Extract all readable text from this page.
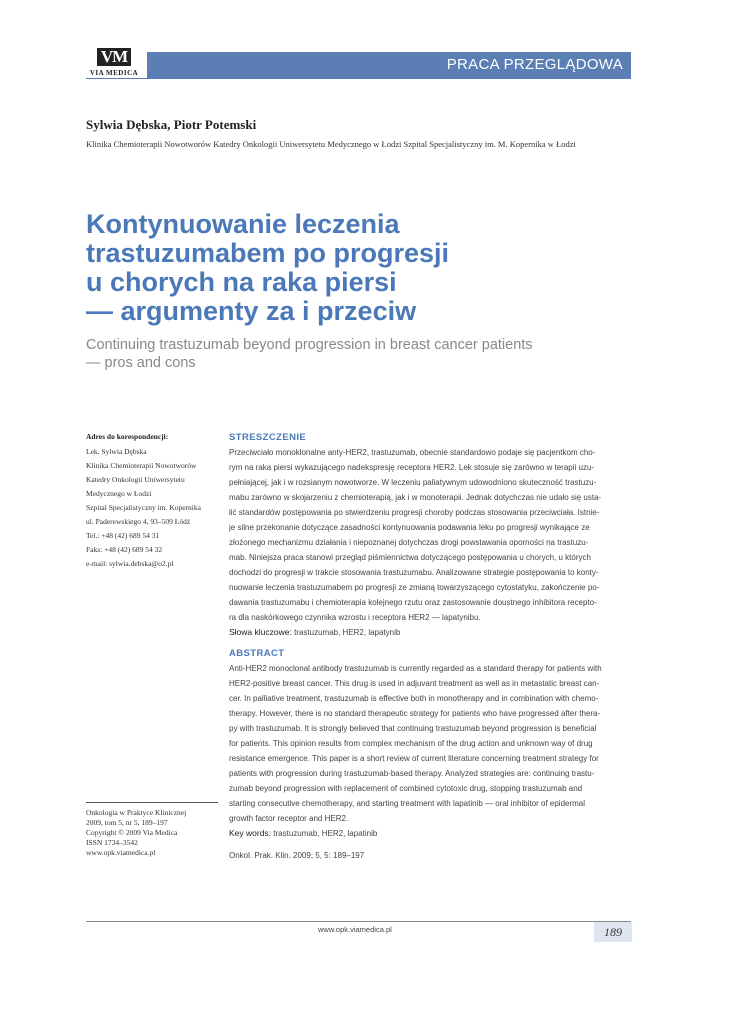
VM
VIA MEDICA	PRACA PRZEGLĄDOWA
Sylwia Dębska, Piotr Potemski
Klinika Chemioterapii Nowotworów Katedry Onkologii Uniwersytetu Medycznego w Łodzi Szpital Specjalistyczny im. M. Kopernika w Łodzi
Kontynuowanie leczenia
trastuzumabem po progresji
u chorych na raka piersi
— argumenty za i przeciw
Continuing trastuzumab beyond progression in breast cancer patients
— pros and cons
Adres do korespondencji:
Lek. Sylwia Dębska
Klinika Chemioterapii Nowotworów
Katedry Onkologii Uniwersytetu
Medycznego w Łodzi
Szpital Specjalistyczny im. Kopernika
ul. Paderewskiego 4, 93–509 Łódź
Tel.: +48 (42) 689 54 31
Faks: +48 (42) 689 54 32
e-mail: sylwia.debska@o2.pl
Onkologia w Praktyce Klinicznej
2009, tom 5, nr 5, 189–197
Copyright © 2009 Via Medica
ISSN 1734–3542
www.opk.viamedica.pl
STRESZCZENIE
Przeciwciało monoklonalne anty-HER2, trastuzumab, obecnie standardowo podaje się pacjentkom cho-
rym na raka piersi wykazującego nadekspresję receptora HER2. Lek stosuje się zarówno w terapii uzu-
pełniającej, jak i w rozsianym nowotworze. W leczeniu paliatywnym udowodniono skuteczność trastuzu-
mabu zarówno w skojarzeniu z chemioterapią, jak i w monoterapii. Jednak dotychczas nie udało się usta-
lić standardów postępowania po stwierdzeniu progresji choroby podczas stosowania przeciwciała. Istnie-
je silne przekonanie dotyczące zasadności kontynuowania podawania leku po progresji wynikające ze
złożonego mechanizmu działania i niepoznanej dotychczas drogi powstawania oporności na trastuzu-
mab. Niniejsza praca stanowi przegląd piśmiennictwa dotyczącego postępowania u chorych, u których
dochodzi do progresji w trakcie stosowania trastuzumabu. Analizowane strategie postępowania to konty-
nuowanie leczenia trastuzumabem po progresji ze zmianą towarzyszącego cytostatyku, zakończenie po-
dawania trastuzumabu i chemioterapia kolejnego rzutu oraz zastosowanie doustnego inhibitora recepto-
ra dla naskórkowego czynnika wzrostu i receptora HER2 — lapatynibu.
Słowa kluczowe: trastuzumab, HER2, lapatynib
ABSTRACT
Anti-HER2 monoclonal antibody trastuzumab is currently regarded as a standard therapy for patients with
HER2-positive breast cancer. This drug is used in adjuvant treatment as well as in metastatic breast can-
cer. In palliative treatment, trastuzumab is effective both in monotherapy and in combination with chemo-
therapy. However, there is no standard therapeutic strategy for patients who have progressed after thera-
py with trastuzumab. It is strongly believed that continuing trastuzumab beyond progression is beneficial
for patients. This opinion results from complex mechanism of the drug action and unknown way of drug
resistance emergence. This paper is a short review of current literature concerning treatment strategy for
patients with progression during trastuzumab-based therapy. Analyzed strategies are: continuing trastu-
zumab beyond progression with replacement of combined cytotoxic drug, stopping trastuzumab and
starting consecutive chemotherapy, and starting treatment with lapatinib — oral inhibitor of epidermal
growth factor receptor and HER2.
Key words: trastuzumab, HER2, lapatinib
Onkol. Prak. Klin. 2009; 5, 5: 189–197
www.opk.viamedica.pl	189
